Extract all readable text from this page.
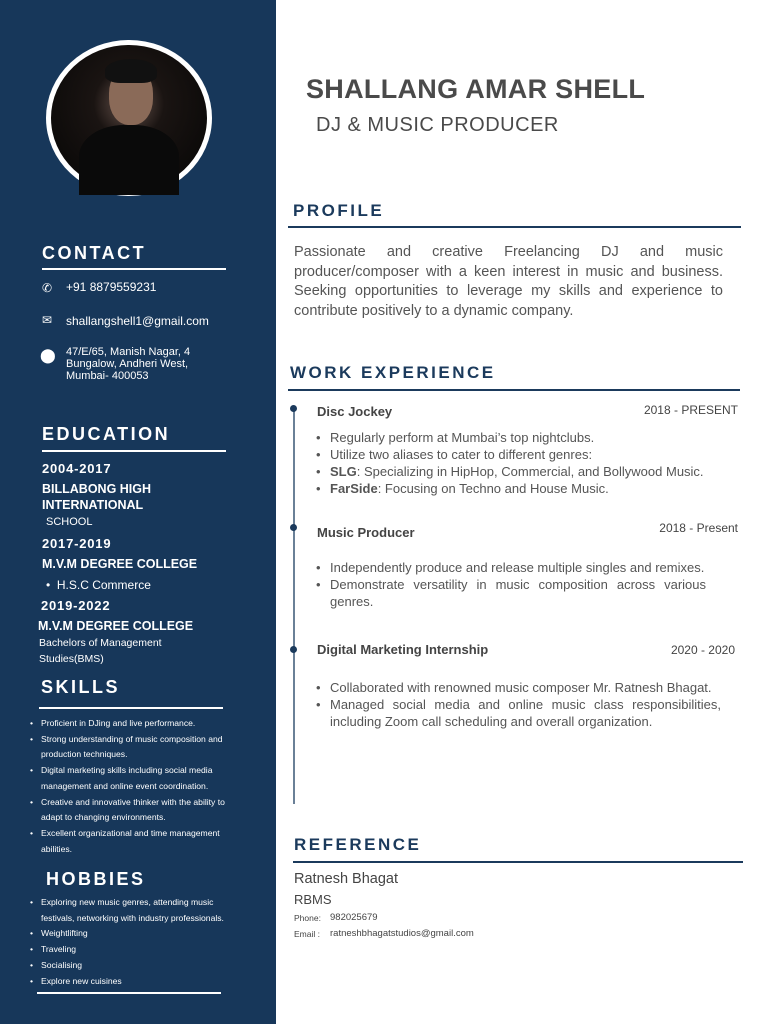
CONTACT
✆ +91 8879559231
✉ shallangshell1@gmail.com
⬤ 47/E/65, Manish Nagar, 4
Bungalow, Andheri West,
Mumbai- 400053
EDUCATION
2004-2017
BILLABONG HIGH
INTERNATIONAL
SCHOOL
2017-2019
M.V.M DEGREE COLLEGE
•  H.S.C Commerce
2019-2022
M.V.M DEGREE COLLEGE
Bachelors of Management
Studies(BMS)
SKILLS
• Proficient in DJing and live performance.
• Strong understanding of music composition and production techniques.
• Digital marketing skills including social media management and online event coordination.
• Creative and innovative thinker with the ability to adapt to changing environments.
• Excellent organizational and time management abilities.
HOBBIES
• Exploring new music genres, attending music festivals, networking with industry professionals.
• Weightlifting
• Traveling
• Socialising
• Explore new cuisines
SHALLANG AMAR SHELL
DJ & MUSIC PRODUCER
PROFILE
Passionate and creative Freelancing DJ and music producer/composer with a keen interest in music and business. Seeking opportunities to leverage my skills and experience to contribute positively to a dynamic company.
WORK EXPERIENCE
Disc Jockey	2018 - PRESENT
• Regularly perform at Mumbai’s top nightclubs.
• Utilize two aliases to cater to different genres:
• SLG: Specializing in HipHop, Commercial, and Bollywood Music.
• FarSide: Focusing on Techno and House Music.
Music Producer	2018 - Present
• Independently produce and release multiple singles and remixes.
• Demonstrate versatility in music composition across various genres.
Digital Marketing Internship	2020 - 2020
• Collaborated with renowned music composer Mr. Ratnesh Bhagat.
• Managed social media and online music class responsibilities, including Zoom call scheduling and overall organization.
REFERENCE
Ratnesh Bhagat
RBMS
Phone: 982025679
Email : ratneshbhagatstudios@gmail.com
